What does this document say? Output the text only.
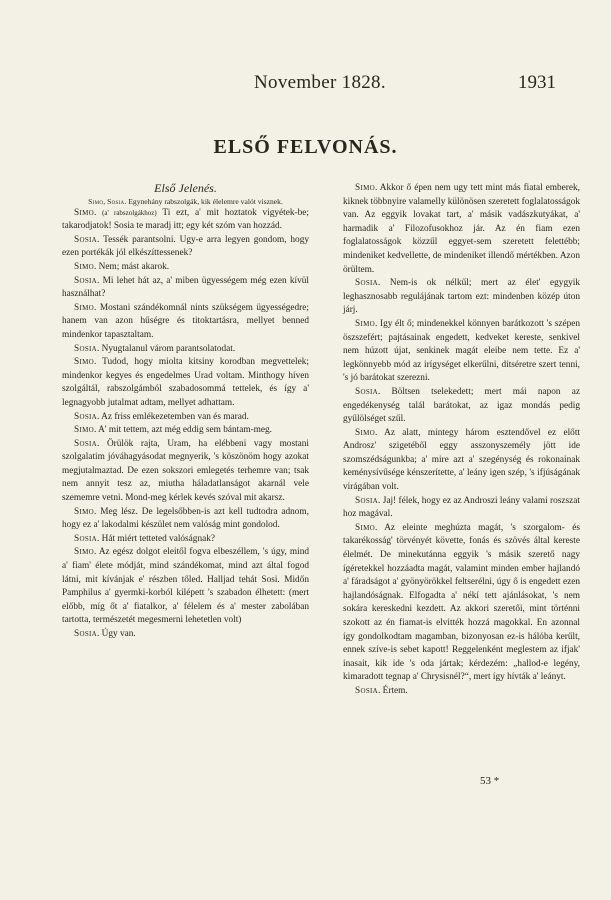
November 1828.	1931
ELSŐ FELVONÁS.

Első Jelenés.

Simo, Sosia. Egynehány rabszolgák, kik élelemre valót visznek.

Simo. (a' rabszolgákhoz) Ti ezt, a' mit hoztatok vigyétek-be; takarodjatok! Sosia te maradj itt; egy két szóm van hozzád.

Sosia. Tessék parantsolni. Ugy-e arra legyen gondom, hogy ezen portékák jól elkészíttessenek?

Simo. Nem; mást akarok.

Sosia. Mi lehet hát az, a' miben ügyességem még ezen kívül használhat?

Simo. Mostani szándékomnál nints szükségem ügyességedre; hanem van azon hűségre és titoktartásra, mellyet benned mindenkor tapasztaltam.

Sosia. Nyugtalanul várom parantsolatodat.

Simo. Tudod, hogy miolta kitsiny korodban megvettelek; mindenkor kegyes és engedelmes Urad voltam. Minthogy híven szolgáltál, rabszolgámból szabadosommá tettelek, és így a' legnagyobb jutalmat adtam, mellyet adhattam.

Sosia. Az friss emlékezetemben van és marad.

Simo. A' mit tettem, azt még eddig sem bántam-meg.

Sosia. Örülök rajta, Uram, ha elébbeni vagy mostani szolgalatim jóváhagyásodat megnyerik, 's köszönöm hogy azokat megjutalmaztad. De ezen sokszori emlegetés terhemre van; tsak nem annyit tesz az, miutha háladatlanságot akarnál vele szememre vetni. Mond-meg kérlek kevés szóval mit akarsz.

Simo. Meg lész. De legelsőbben-is azt kell tudtodra adnom, hogy ez a' lakodalmi készület nem valóság mint gondolod.

Sosia. Hát miért tetteted valóságnak?

Simo. Az egész dolgot eleitől fogva elbeszéllem, 's úgy, mind a' fiam' élete módját, mind szándékomat, mind azt által fogod látni, mit kívánjak e' részben tőled. Halljad tehát Sosi. Midőn Pamphilus a' gyermki-korból kilépett 's szabadon élhetett: (mert előbb, míg őt a' fiatalkor, a' félelem és a' mester zabolában tartotta, természetét megesmerni lehetetlen volt)

Sosia. Úgy van.

Simo. Akkor ő épen nem ugy tett mint más fiatal emberek, kiknek többnyire valamelly különösen szeretett foglalatosságok van. Az eggyik lovakat tart, a' másik vadászkutyákat, a' harmadik a' Filozofusokhoz jár. Az én fiam ezen foglalatosságok közzűl eggyet-sem szeretett felettébb; mindeniket kedvellette, de mindeniket illendő mértékben. Azon örültem.

Sosia. Nem-is ok nélkűl; mert az élet' egygyik leghasznosabb regulájának tartom ezt: mindenben közép úton járj.

Simo. Igy élt ő; mindenekkel könnyen barátkozott 's szépen öszszefért; pajtásainak engedett, kedveket kereste, senkivel nem húzott újat, senkinek magát eleibe nem tette. Ez a' legkönnyebb mód az irígységet elkerűlni, ditséretre szert tenni, 's jó barátokat szerezni.

Sosia. Böltsen tselekedett; mert mái napon az engedékenység talál barátokat, az igaz mondás pedig gyűlölséget szűl.

Simo. Az alatt, mintegy három esztendővel ez előtt Androsz' szigetéből eggy asszonyszemély jött ide szomszédságunkba; a' mire azt a' szegénység és rokonainak keménysívűsége kénszerítette, a' leány igen szép, 's ifjúságának virágában volt.

Sosia. Jaj! félek, hogy ez az Androszi leány valami roszszat hoz magával.

Simo. Az eleinte meghúzta magát, 's szorgalom- és takarékosság' törvényét követte, fonás és szövés által kereste élelmét. De minekutánna eggyik 's másik szerető nagy ígéretekkel hozzáadta magát, valamint minden ember hajlandó a' fáradságot a' gyönyörökkel feltserélni, úgy ő is engedett ezen hajlandóságnak. Elfogadta a' nékí tett ajánlásokat, 's nem sokára kereskedni kezdett. Az akkori szeretői, mint történni szokott az én fiamat-is elvitték hozzá magokkal. En azonnal így gondolkodtam magamban, bizonyosan ez-is hálóba kerűlt, ennek szíve-is sebet kapott! Reggelenként meglestem az ifjak' inasait, kik ide 's oda jártak; kérdezém: „hallod-e legény, kimaradott tegnap a' Chrysisnél?“, mert így hívták a' leányt.

Sosia. Értem.

53 *
